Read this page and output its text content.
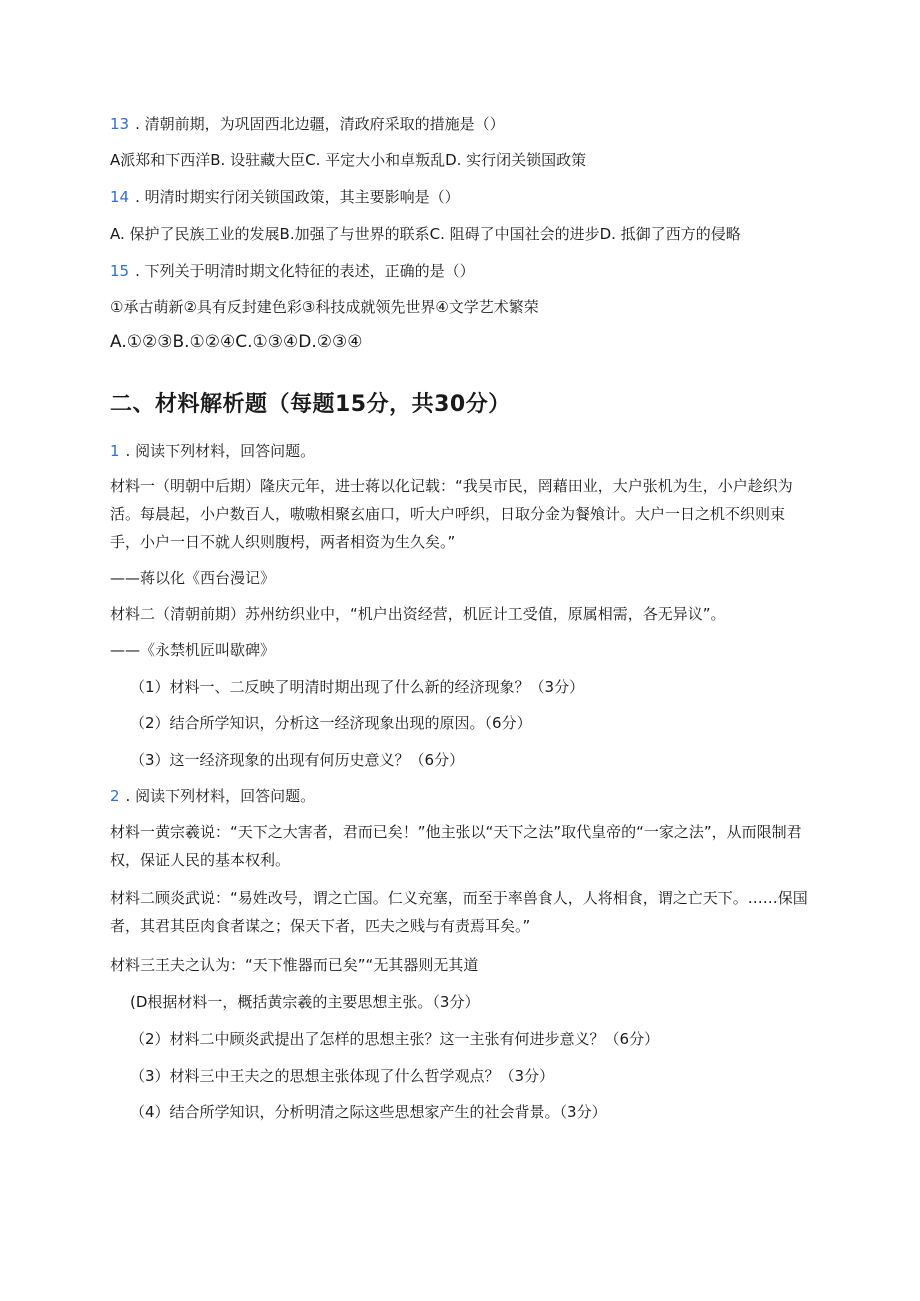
13 . 清朝前期，为巩固西北边疆，清政府采取的措施是（）
A派郑和下西洋B. 设驻藏大臣C. 平定大小和卓叛乱D. 实行闭关锁国政策
14 . 明清时期实行闭关锁国政策，其主要影响是（）
A. 保护了民族工业的发展B.加强了与世界的联系C. 阻碍了中国社会的进步D. 抵御了西方的侵略
15 . 下列关于明清时期文化特征的表述，正确的是（）
①承古萌新②具有反封建色彩③科技成就领先世界④文学艺术繁荣
A.①②③B.①②④C.①③④D.②③④
二、材料解析题（每题15分，共30分）
1 . 阅读下列材料，回答问题。
材料一（明朝中后期）隆庆元年，进士蒋以化记载：“我吴市民，罔藉田业，大户张机为生，小户趁织为活。每晨起，小户数百人，嗷嗷相聚玄庙口，听大户呼织，日取分金为餐飧计。大户一日之机不织则束手，小户一日不就人织则腹枵，两者相资为生久矣。”
——蒋以化《西台漫记》
材料二（清朝前期）苏州纺织业中，“机户出资经营，机匠计工受值，原属相需，各无异议”。
——《永禁机匠叫歇碑》
（1）材料一、二反映了明清时期出现了什么新的经济现象？（3分）
（2）结合所学知识，分析这一经济现象出现的原因。（6分）
（3）这一经济现象的出现有何历史意义？（6分）
2 . 阅读下列材料，回答问题。
材料一黄宗羲说：“天下之大害者，君而已矣！”他主张以“天下之法”取代皇帝的“一家之法”，从而限制君权，保证人民的基本权利。
材料二顾炎武说：“易姓改号，谓之亡国。仁义充塞，而至于率兽食人，人将相食，谓之亡天下。……保国者，其君其臣肉食者谋之；保天下者，匹夫之贱与有责焉耳矣。”
材料三王夫之认为：“天下惟器而已矣”“无其器则无其道
(D根据材料一，概括黄宗羲的主要思想主张。（3分）
（2）材料二中顾炎武提出了怎样的思想主张？这一主张有何进步意义？（6分）
（3）材料三中王夫之的思想主张体现了什么哲学观点？（3分）
（4）结合所学知识，分析明清之际这些思想家产生的社会背景。（3分）
